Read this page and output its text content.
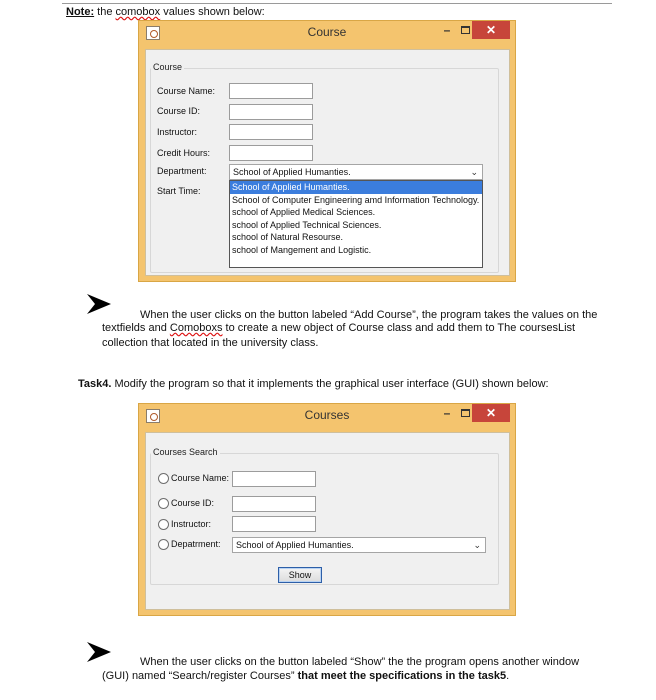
Note: the comobox values shown below:
Course	–	✕
Course
Course Name:
Course ID:
Instructor:
Credit Hours:
Department:	School of Applied Humanties.	⌄
Start Time:	School of Applied Humanties.
School of Computer Engineering amd Information Technology.
school of Applied Medical Sciences.
school of Applied Technical Sciences.
school of Natural Resourse.
school of Mangement and Logistic.
When the user clicks on the button labeled “Add Course”, the program takes the values on the
textfields and Comoboxs to create a new object of Course class and add them to The coursesList
collection that located in the university class.
Task4. Modify the program so that it implements the graphical user interface (GUI) shown below:
Courses	–	✕
Courses Search
Course Name:
Course ID:
Instructor:
Depatrment:	School of Applied Humanties.	⌄
Show
When the user clicks on the button labeled “Show” the the program opens another window
(GUI) named “Search/register Courses” that meet the specifications in the task5.
